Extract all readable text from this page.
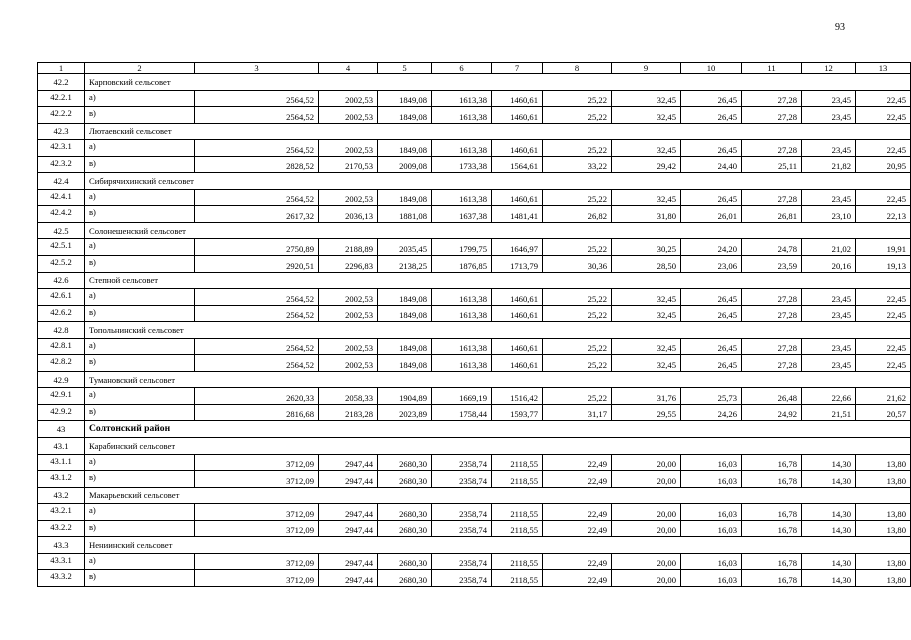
93
1	2	3	4	5	6	7	8	9	10	11	12	13
42.2	Карповский сельсовет											
42.2.1	а)	2564,52	2002,53	1849,08	1613,38	1460,61	25,22	32,45	26,45	27,28	23,45	22,45
42.2.2	в)	2564,52	2002,53	1849,08	1613,38	1460,61	25,22	32,45	26,45	27,28	23,45	22,45
42.3	Лютаевский сельсовет											
42.3.1	а)	2564,52	2002,53	1849,08	1613,38	1460,61	25,22	32,45	26,45	27,28	23,45	22,45
42.3.2	в)	2828,52	2170,53	2009,08	1733,38	1564,61	33,22	29,42	24,40	25,11	21,82	20,95
42.4	Сибирячихинский сельсовет											
42.4.1	а)	2564,52	2002,53	1849,08	1613,38	1460,61	25,22	32,45	26,45	27,28	23,45	22,45
42.4.2	в)	2617,32	2036,13	1881,08	1637,38	1481,41	26,82	31,80	26,01	26,81	23,10	22,13
42.5	Солонешенский сельсовет											
42.5.1	а)	2750,89	2188,89	2035,45	1799,75	1646,97	25,22	30,25	24,20	24,78	21,02	19,91
42.5.2	в)	2920,51	2296,83	2138,25	1876,85	1713,79	30,36	28,50	23,06	23,59	20,16	19,13
42.6	Степной сельсовет											
42.6.1	а)	2564,52	2002,53	1849,08	1613,38	1460,61	25,22	32,45	26,45	27,28	23,45	22,45
42.6.2	в)	2564,52	2002,53	1849,08	1613,38	1460,61	25,22	32,45	26,45	27,28	23,45	22,45
42.8	Топольнинский сельсовет											
42.8.1	а)	2564,52	2002,53	1849,08	1613,38	1460,61	25,22	32,45	26,45	27,28	23,45	22,45
42.8.2	в)	2564,52	2002,53	1849,08	1613,38	1460,61	25,22	32,45	26,45	27,28	23,45	22,45
42.9	Тумановский сельсовет											
42.9.1	а)	2620,33	2058,33	1904,89	1669,19	1516,42	25,22	31,76	25,73	26,48	22,66	21,62
42.9.2	в)	2816,68	2183,28	2023,89	1758,44	1593,77	31,17	29,55	24,26	24,92	21,51	20,57
43	Солтонский район											
43.1	Карабинский сельсовет											
43.1.1	а)	3712,09	2947,44	2680,30	2358,74	2118,55	22,49	20,00	16,03	16,78	14,30	13,80
43.1.2	в)	3712,09	2947,44	2680,30	2358,74	2118,55	22,49	20,00	16,03	16,78	14,30	13,80
43.2	Макарьевский сельсовет											
43.2.1	а)	3712,09	2947,44	2680,30	2358,74	2118,55	22,49	20,00	16,03	16,78	14,30	13,80
43.2.2	в)	3712,09	2947,44	2680,30	2358,74	2118,55	22,49	20,00	16,03	16,78	14,30	13,80
43.3	Нениинский сельсовет											
43.3.1	а)	3712,09	2947,44	2680,30	2358,74	2118,55	22,49	20,00	16,03	16,78	14,30	13,80
43.3.2	в)	3712,09	2947,44	2680,30	2358,74	2118,55	22,49	20,00	16,03	16,78	14,30	13,80
